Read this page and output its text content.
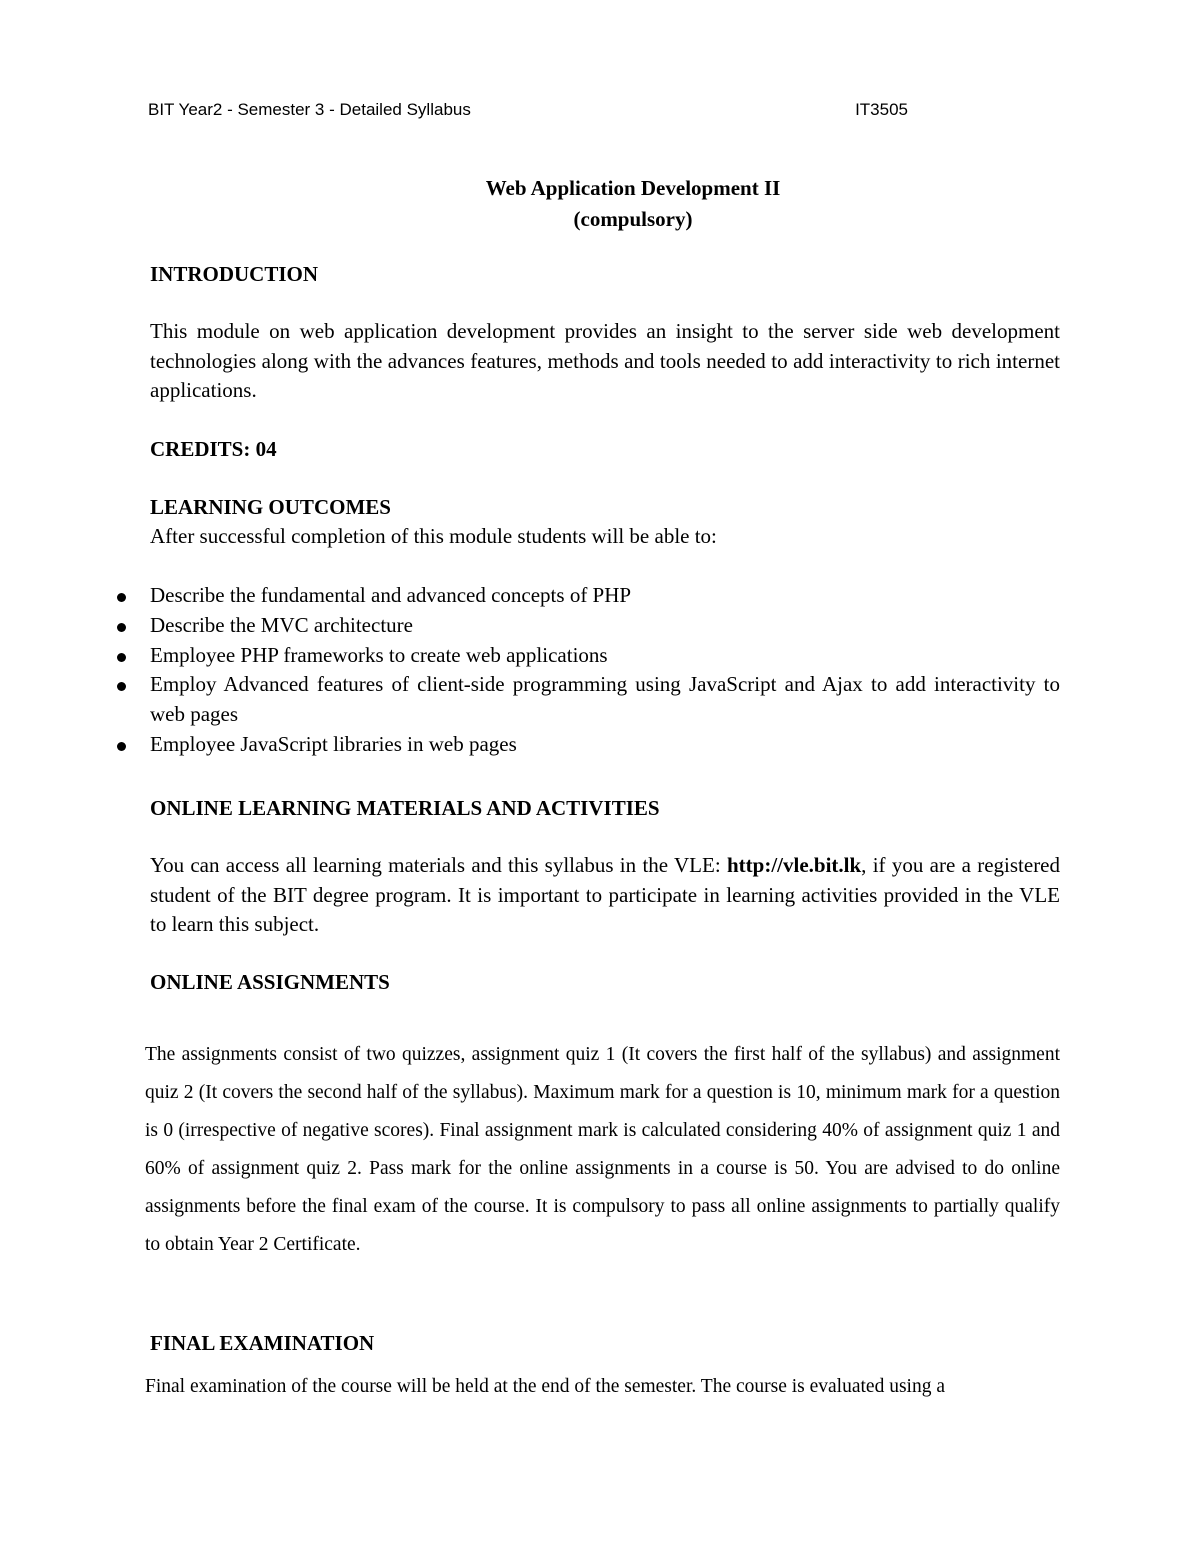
BIT Year2 - Semester 3 - Detailed Syllabus	IT3505
Web Application Development II
(compulsory)
INTRODUCTION

This module on web application development provides an insight to the server side web development technologies along with the advances features, methods and tools needed to add interactivity to rich internet applications.

CREDITS: 04
LEARNING OUTCOMES

After successful completion of this module students will be able to:

Describe the fundamental and advanced concepts of PHP
Describe the MVC architecture
Employee PHP frameworks to create web applications
Employ Advanced features of client-side programming using JavaScript and Ajax to add interactivity to web pages
Employee JavaScript libraries in web pages
ONLINE LEARNING MATERIALS AND ACTIVITIES

You can access all learning materials and this syllabus in the VLE: http://vle.bit.lk, if you are a registered student of the BIT degree program. It is important to participate in learning activities provided in the VLE to learn this subject.

ONLINE ASSIGNMENTS

The assignments consist of two quizzes, assignment quiz 1 (It covers the first half of the syllabus) and assignment quiz 2 (It covers the second half of the syllabus). Maximum mark for a question is 10, minimum mark for a question is 0 (irrespective of negative scores). Final assignment mark is calculated considering 40% of assignment quiz 1 and 60% of assignment quiz 2. Pass mark for the online assignments in a course is 50. You are advised to do online assignments before the final exam of the course. It is compulsory to pass all online assignments to partially qualify to obtain Year 2 Certificate.

FINAL EXAMINATION

Final examination of the course will be held at the end of the semester. The course is evaluated using a
